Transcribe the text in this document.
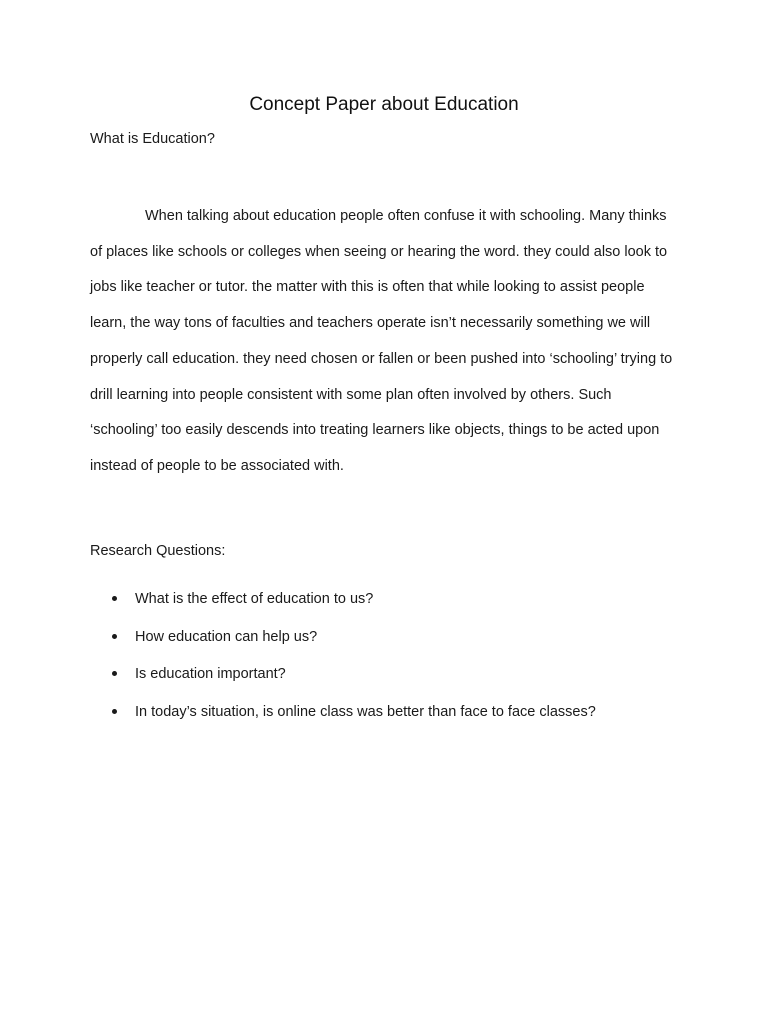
Concept Paper about Education
What is Education?

When talking about education people often confuse it with schooling. Many thinks of places like schools or colleges when seeing or hearing the word. they could also look to jobs like teacher or tutor. the matter with this is often that while looking to assist people learn, the way tons of faculties and teachers operate isn’t necessarily something we will properly call education. they need chosen or fallen or been pushed into ‘schooling’ trying to drill learning into people consistent with some plan often involved by others. Such ‘schooling’ too easily descends into treating learners like objects, things to be acted upon instead of people to be associated with.

Research Questions:
What is the effect of education to us?
How education can help us?
Is education important?
In today’s situation, is online class was better than face to face classes?
